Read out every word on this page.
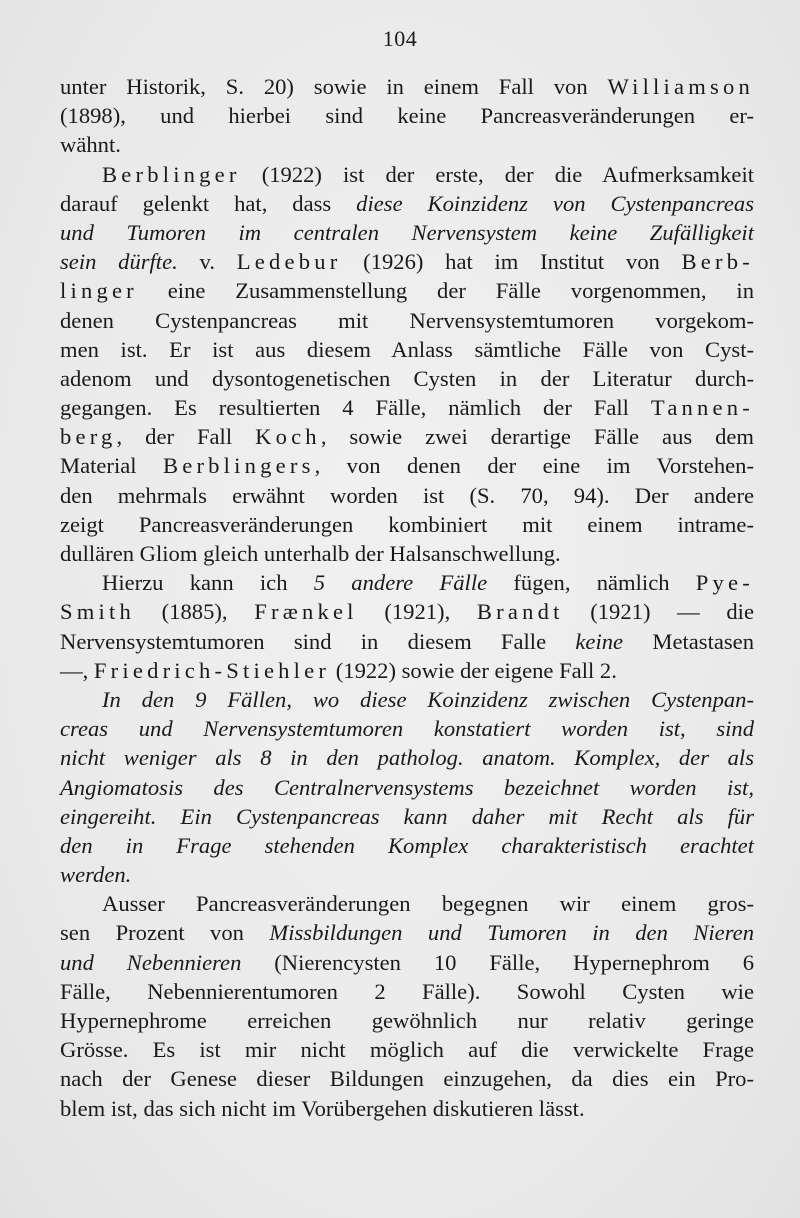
104
unter Historik, S. 20) sowie in einem Fall von Williamson
(1898), und hierbei sind keine Pancreasveränderungen er-
wähnt.
Berblinger (1922) ist der erste, der die Aufmerksamkeit
darauf gelenkt hat, dass diese Koinzidenz von Cystenpancreas
und Tumoren im centralen Nervensystem keine Zufälligkeit
sein dürfte. v. Ledebur (1926) hat im Institut von Berb-
linger eine Zusammenstellung der Fälle vorgenommen, in
denen Cystenpancreas mit Nervensystemtumoren vorgekom-
men ist. Er ist aus diesem Anlass sämtliche Fälle von Cyst-
adenom und dysontogenetischen Cysten in der Literatur durch-
gegangen. Es resultierten 4 Fälle, nämlich der Fall Tannen-
berg, der Fall Koch, sowie zwei derartige Fälle aus dem
Material Berblingers, von denen der eine im Vorstehen-
den mehrmals erwähnt worden ist (S. 70, 94). Der andere
zeigt Pancreasveränderungen kombiniert mit einem intrame-
dullären Gliom gleich unterhalb der Halsanschwellung.
Hierzu kann ich 5 andere Fälle fügen, nämlich Pye-
Smith (1885), Frænkel (1921), Brandt (1921) — die
Nervensystemtumoren sind in diesem Falle keine Metastasen
—, Friedrich-Stiehler (1922) sowie der eigene Fall 2.
In den 9 Fällen, wo diese Koinzidenz zwischen Cystenpan-
creas und Nervensystemtumoren konstatiert worden ist, sind
nicht weniger als 8 in den patholog. anatom. Komplex, der als
Angiomatosis des Centralnervensystems bezeichnet worden ist,
eingereiht. Ein Cystenpancreas kann daher mit Recht als für
den in Frage stehenden Komplex charakteristisch erachtet
werden.
Ausser Pancreasveränderungen begegnen wir einem gros-
sen Prozent von Missbildungen und Tumoren in den Nieren
und Nebennieren (Nierencysten 10 Fälle, Hypernephrom 6
Fälle, Nebennierentumoren 2 Fälle). Sowohl Cysten wie
Hypernephrome erreichen gewöhnlich nur relativ geringe
Grösse. Es ist mir nicht möglich auf die verwickelte Frage
nach der Genese dieser Bildungen einzugehen, da dies ein Pro-
blem ist, das sich nicht im Vorübergehen diskutieren lässt.
